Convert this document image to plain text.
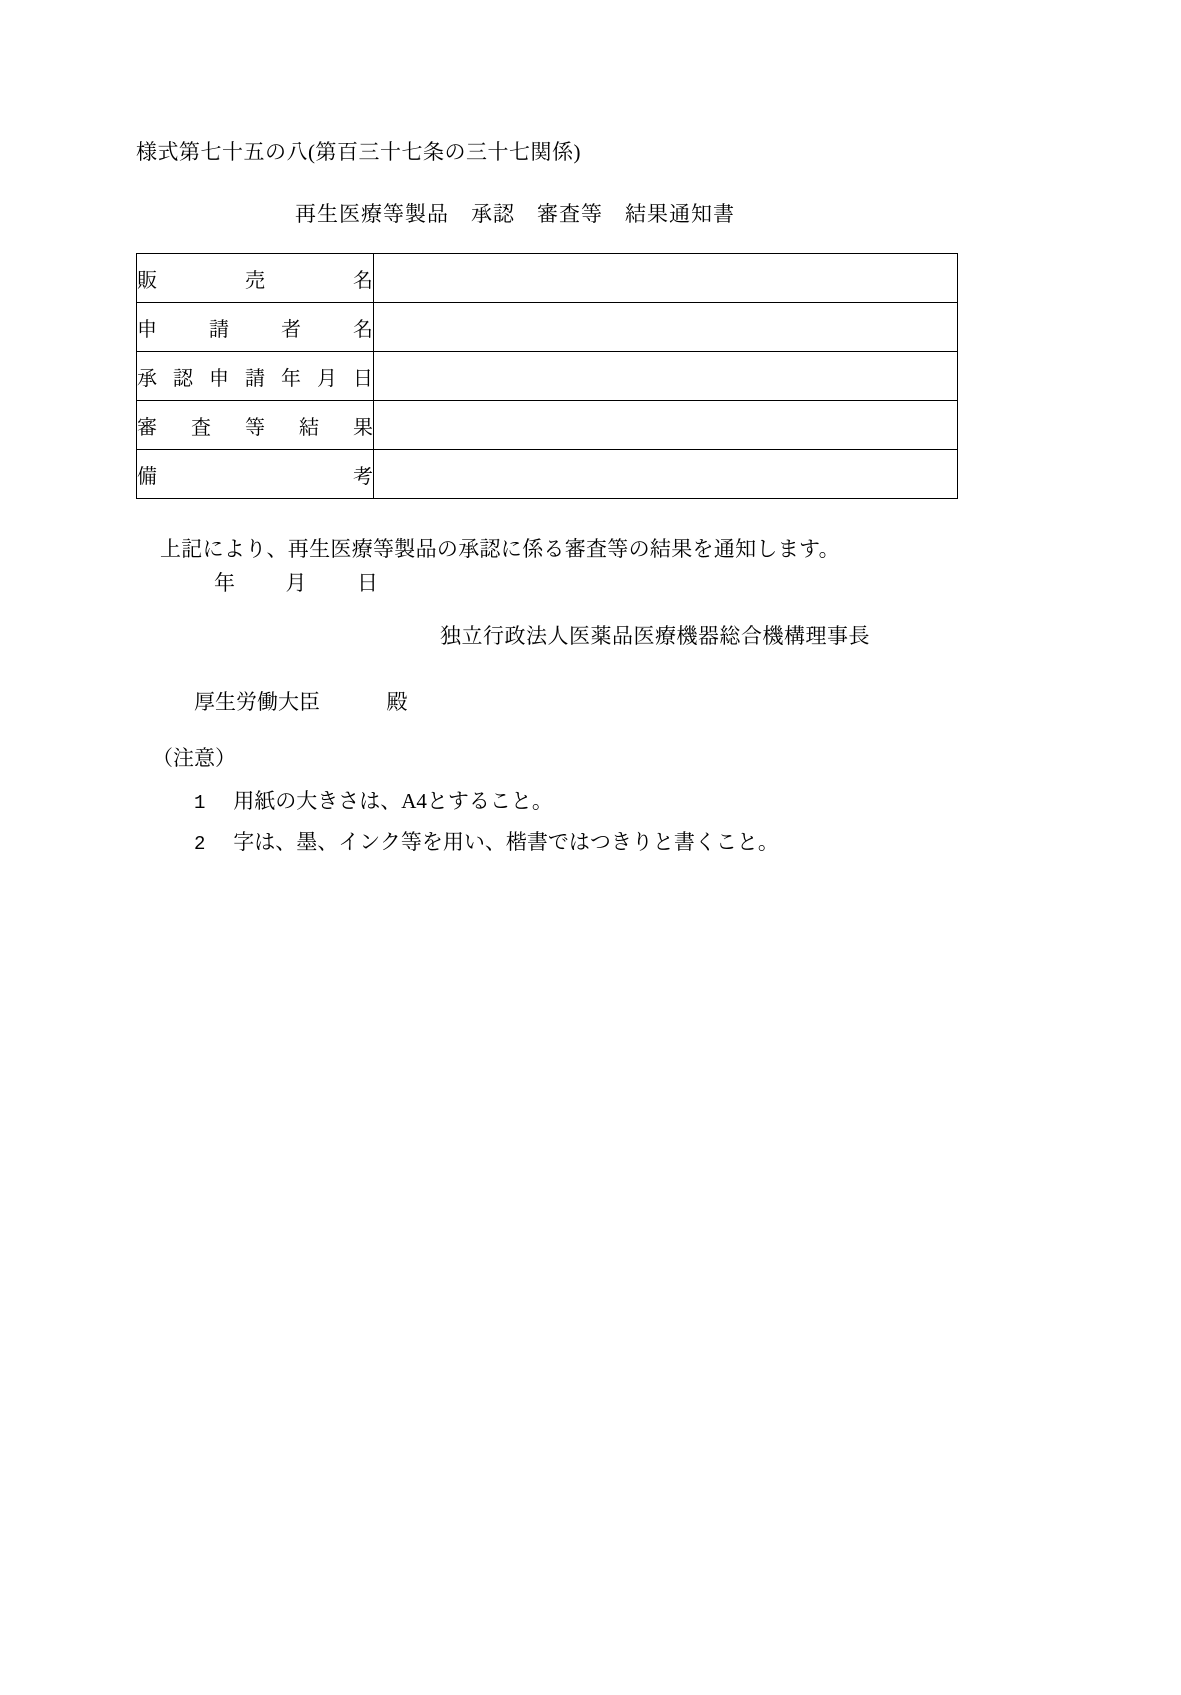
様式第七十五の八(第百三十七条の三十七関係)
再生医療等製品　承認　審査等　結果通知書
販 売 名	

申 請 者 名	

承 認 申 請 年 月 日

審 査 等 結 果	

備 考	

上記により、再生医療等製品の承認に係る審査等の結果を通知します。
年 月 日
独立行政法人医薬品医療機器総合機構理事長
厚生労働大臣	殿
（注意）
1 用紙の大きさは、A4とすること。
2 字は、墨、インク等を用い、楷書ではつきりと書くこと。
